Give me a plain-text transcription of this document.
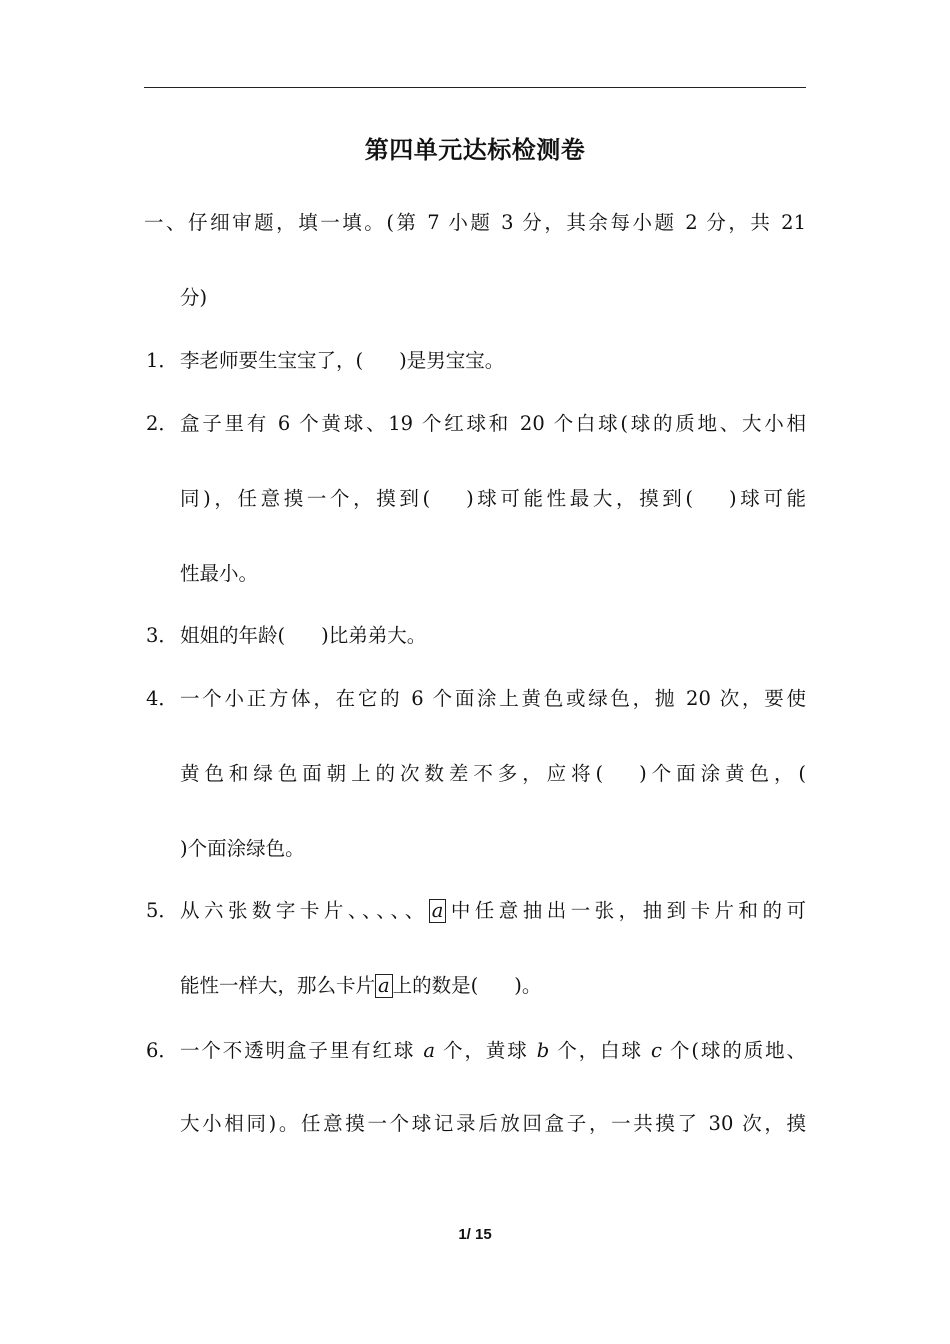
第四单元达标检测卷
一、仔细审题，填一填。(第 7 小题 3 分，其余每小题 2 分，共 21
分)
1． 李老师要生宝宝了，( )是男宝宝。
2． 盒子里有 6 个黄球、19 个红球和 20 个白球(球的质地、大小相
同)，任意摸一个，摸到( )球可能性最大，摸到( )球可能
性最小。
3． 姐姐的年龄( )比弟弟大。
4． 一个小正方体，在它的 6 个面涂上黄色或绿色，抛 20 次，要使
黄色和绿色面朝上的次数差不多，应将( )个面涂黄色，(
)个面涂绿色。
5． 从六张数字卡片、、、、、 a 中任意抽出一张，抽到卡片和的可
能性一样大，那么卡片 a 上的数是( )。
6． 一个不透明盒子里有红球 a 个，黄球 b 个，白球 c 个(球的质地、
大小相同)。任意摸一个球记录后放回盒子，一共摸了 30 次，摸
1/ 15
